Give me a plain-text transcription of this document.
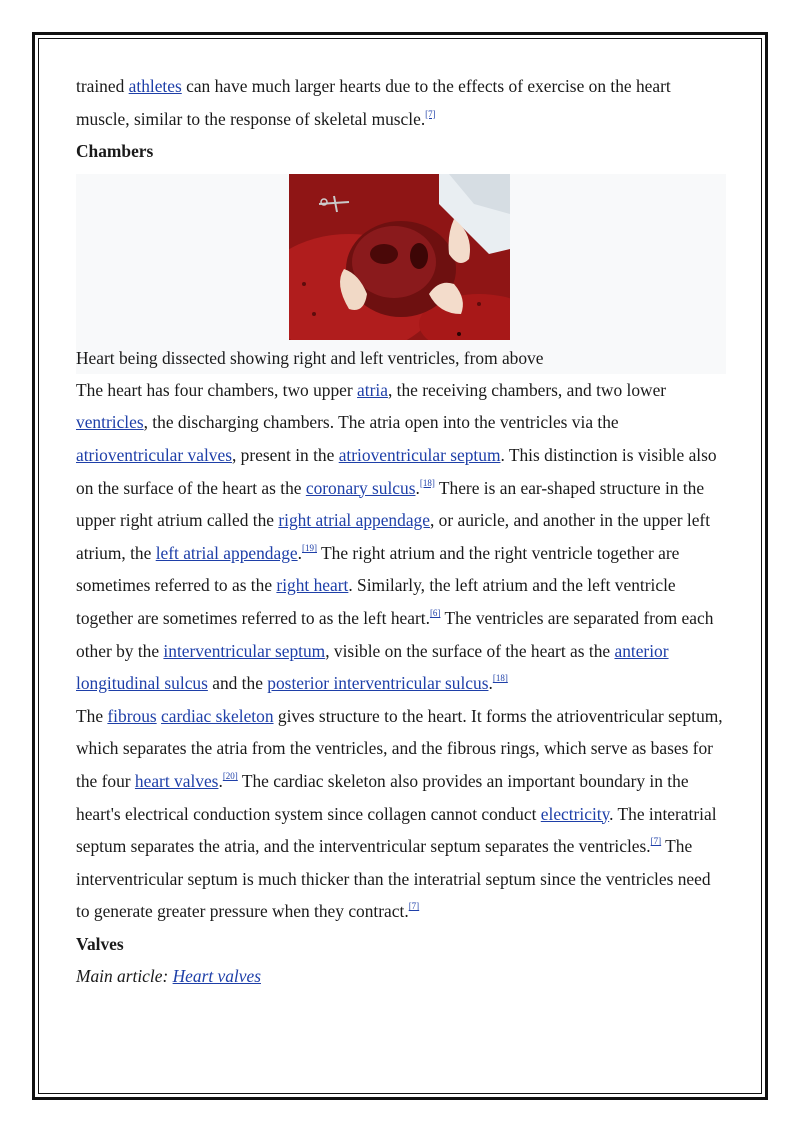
trained athletes can have much larger hearts due to the effects of exercise on the heart muscle, similar to the response of skeletal muscle.[7]

Chambers

Heart being dissected showing right and left ventricles, from above

The heart has four chambers, two upper atria, the receiving chambers, and two lower ventricles, the discharging chambers. The atria open into the ventricles via the atrioventricular valves, present in the atrioventricular septum. This distinction is visible also on the surface of the heart as the coronary sulcus.[18] There is an ear-shaped structure in the upper right atrium called the right atrial appendage, or auricle, and another in the upper left atrium, the left atrial appendage.[19] The right atrium and the right ventricle together are sometimes referred to as the right heart. Similarly, the left atrium and the left ventricle together are sometimes referred to as the left heart.[6] The ventricles are separated from each other by the interventricular septum, visible on the surface of the heart as the anterior longitudinal sulcus and the posterior interventricular sulcus.[18]

The fibrous cardiac skeleton gives structure to the heart. It forms the atrioventricular septum, which separates the atria from the ventricles, and the fibrous rings, which serve as bases for the four heart valves.[20] The cardiac skeleton also provides an important boundary in the heart's electrical conduction system since collagen cannot conduct electricity. The interatrial septum separates the atria, and the interventricular septum separates the ventricles.[7] The interventricular septum is much thicker than the interatrial septum since the ventricles need to generate greater pressure when they contract.[7]

Valves

Main article: Heart valves
